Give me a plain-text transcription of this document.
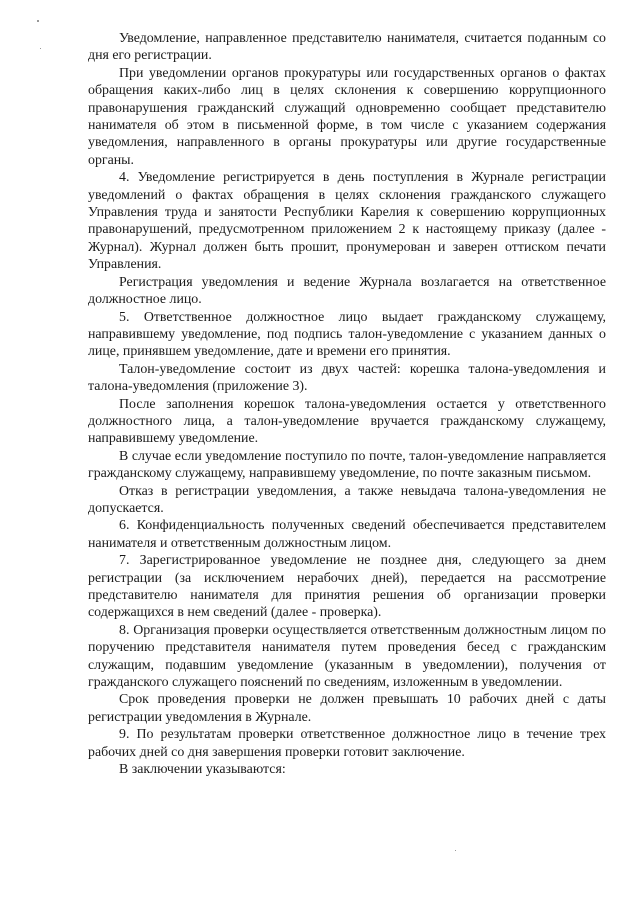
Уведомление, направленное представителю нанимателя, считается поданным со дня его регистрации.

При уведомлении органов прокуратуры или государственных органов о фактах обращения каких-либо лиц в целях склонения к совершению коррупционного правонарушения гражданский служащий одновременно сообщает представителю нанимателя об этом в письменной форме, в том числе с указанием содержания уведомления, направленного в органы прокуратуры или другие государственные органы.

4. Уведомление регистрируется в день поступления в Журнале регистрации уведомлений о фактах обращения в целях склонения гражданского служащего Управления труда и занятости Республики Карелия к совершению коррупционных правонарушений, предусмотренном приложением 2 к настоящему приказу (далее - Журнал). Журнал должен быть прошит, пронумерован и заверен оттиском печати Управления.

Регистрация уведомления и ведение Журнала возлагается на ответственное должностное лицо.

5. Ответственное должностное лицо выдает гражданскому служащему, направившему уведомление, под подпись талон-уведомление с указанием данных о лице, принявшем уведомление, дате и времени его принятия.

Талон-уведомление состоит из двух частей: корешка талона-уведомления и талона-уведомления (приложение 3).

После заполнения корешок талона-уведомления остается у ответственного должностного лица, а талон-уведомление вручается гражданскому служащему, направившему уведомление.

В случае если уведомление поступило по почте, талон-уведомление направляется гражданскому служащему, направившему уведомление, по почте заказным письмом.

Отказ в регистрации уведомления, а также невыдача талона-уведомления не допускается.

6. Конфиденциальность полученных сведений обеспечивается представителем нанимателя и ответственным должностным лицом.

7. Зарегистрированное уведомление не позднее дня, следующего за днем регистрации (за исключением нерабочих дней), передается на рассмотрение представителю нанимателя для принятия решения об организации проверки содержащихся в нем сведений (далее - проверка).

8. Организация проверки осуществляется ответственным должностным лицом по поручению представителя нанимателя путем проведения бесед с гражданским служащим, подавшим уведомление (указанным в уведомлении), получения от гражданского служащего пояснений по сведениям, изложенным в уведомлении.

Срок проведения проверки не должен превышать 10 рабочих дней с даты регистрации уведомления в Журнале.

9. По результатам проверки ответственное должностное лицо в течение трех рабочих дней со дня завершения проверки готовит заключение.

В заключении указываются:
